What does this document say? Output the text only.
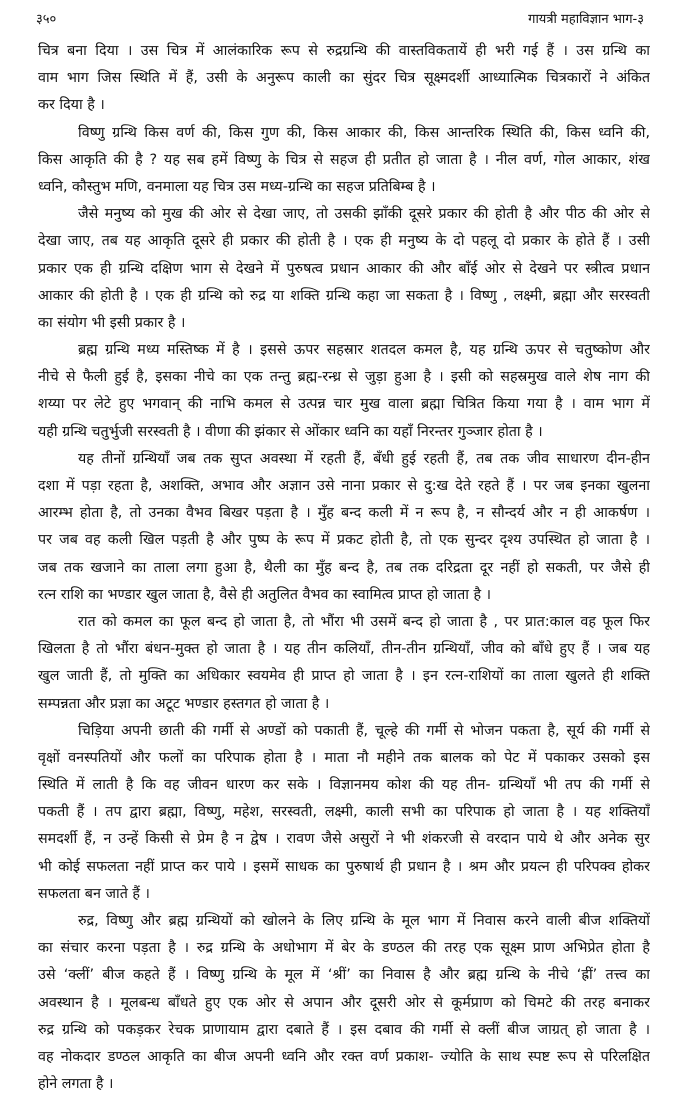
३५०	गायत्री महाविज्ञान भाग-३
चित्र बना दिया । उस चित्र में आलंकारिक रूप से रुद्रग्रन्थि की वास्तविकतायें ही भरी गई हैं । उस ग्रन्थि का
वाम भाग जिस स्थिति में हैं, उसी के अनुरूप काली का सुंदर चित्र सूक्ष्मदर्शी आध्यात्मिक चित्रकारों ने अंकित
कर दिया है ।
विष्णु ग्रन्थि किस वर्ण की, किस गुण की, किस आकार की, किस आन्तरिक स्थिति की, किस ध्वनि की,
किस आकृति की है ? यह सब हमें विष्णु के चित्र से सहज ही प्रतीत हो जाता है । नील वर्ण, गोल आकार, शंख
ध्वनि, कौस्तुभ मणि, वनमाला यह चित्र उस मध्य-ग्रन्थि का सहज प्रतिबिम्ब है ।
जैसे मनुष्य को मुख की ओर से देखा जाए, तो उसकी झाँकी दूसरे प्रकार की होती है और पीठ की ओर से
देखा जाए, तब यह आकृति दूसरे ही प्रकार की होती है । एक ही मनुष्य के दो पहलू दो प्रकार के होते हैं । उसी
प्रकार एक ही ग्रन्थि दक्षिण भाग से देखने में पुरुषत्व प्रधान आकार की और बाँई ओर से देखने पर स्त्रीत्व प्रधान
आकार की होती है । एक ही ग्रन्थि को रुद्र या शक्ति ग्रन्थि कहा जा सकता है । विष्णु , लक्ष्मी, ब्रह्मा और सरस्वती
का संयोग भी इसी प्रकार है ।
ब्रह्म ग्रन्थि मध्य मस्तिष्क में है । इससे ऊपर सहस्रार शतदल कमल है, यह ग्रन्थि ऊपर से चतुष्कोण और
नीचे से फैली हुई है, इसका नीचे का एक तन्तु ब्रह्म-रन्ध्र से जुड़ा हुआ है । इसी को सहस्रमुख वाले शेष नाग की
शय्या पर लेटे हुए भगवान् की नाभि कमल से उत्पन्न चार मुख वाला ब्रह्मा चित्रित किया गया है । वाम भाग में
यही ग्रन्थि चतुर्भुजी सरस्वती है । वीणा की झंकार से ओंकार ध्वनि का यहाँ निरन्तर गुञ्जार होता है ।
यह तीनों ग्रन्थियाँ जब तक सुप्त अवस्था में रहती हैं, बँधी हुई रहती हैं, तब तक जीव साधारण दीन-हीन
दशा में पड़ा रहता है, अशक्ति, अभाव और अज्ञान उसे नाना प्रकार से दु:ख देते रहते हैं । पर जब इनका खुलना
आरम्भ होता है, तो उनका वैभव बिखर पड़ता है । मुँह बन्द कली में न रूप है, न सौन्दर्य और न ही आकर्षण ।
पर जब वह कली खिल पड़ती है और पुष्प के रूप में प्रकट होती है, तो एक सुन्दर दृश्य उपस्थित हो जाता है ।
जब तक खजाने का ताला लगा हुआ है, थैली का मुँह बन्द है, तब तक दरिद्रता दूर नहीं हो सकती, पर जैसे ही
रत्न राशि का भण्डार खुल जाता है, वैसे ही अतुलित वैभव का स्वामित्व प्राप्त हो जाता है ।
रात को कमल का फूल बन्द हो जाता है, तो भौंरा भी उसमें बन्द हो जाता है , पर प्रात:काल वह फूल फिर
खिलता है तो भौंरा बंधन-मुक्त हो जाता है । यह तीन कलियाँ, तीन-तीन ग्रन्थियाँ, जीव को बाँधे हुए हैं । जब यह
खुल जाती हैं, तो मुक्ति का अधिकार स्वयमेव ही प्राप्त हो जाता है । इन रत्न-राशियों का ताला खुलते ही शक्ति
सम्पन्नता और प्रज्ञा का अटूट भण्डार हस्तगत हो जाता है ।
चिड़िया अपनी छाती की गर्मी से अण्डों को पकाती हैं, चूल्हे की गर्मी से भोजन पकता है, सूर्य की गर्मी से
वृक्षों वनस्पतियों और फलों का परिपाक होता है । माता नौ महीने तक बालक को पेट में पकाकर उसको इस
स्थिति में लाती है कि वह जीवन धारण कर सके । विज्ञानमय कोश की यह तीन- ग्रन्थियाँ भी तप की गर्मी से
पकती हैं । तप द्वारा ब्रह्मा, विष्णु, महेश, सरस्वती, लक्ष्मी, काली सभी का परिपाक हो जाता है । यह शक्तियाँ
समदर्शी हैं, न उन्हें किसी से प्रेम है न द्वेष । रावण जैसे असुरों ने भी शंकरजी से वरदान पाये थे और अनेक सुर
भी कोई सफलता नहीं प्राप्त कर पाये । इसमें साधक का पुरुषार्थ ही प्रधान है । श्रम और प्रयत्न ही परिपक्व होकर
सफलता बन जाते हैं ।
रुद्र, विष्णु और ब्रह्म ग्रन्थियों को खोलने के लिए ग्रन्थि के मूल भाग में निवास करने वाली बीज शक्तियों
का संचार करना पड़ता है । रुद्र ग्रन्थि के अधोभाग में बेर के डण्ठल की तरह एक सूक्ष्म प्राण अभिप्रेत होता है
उसे ‘क्लीं’ बीज कहते हैं । विष्णु ग्रन्थि के मूल में ‘श्रीं’ का निवास है और ब्रह्म ग्रन्थि के नीचे ‘ह्रीं’ तत्त्व का
अवस्थान है । मूलबन्ध बाँधते हुए एक ओर से अपान और दूसरी ओर से कूर्मप्राण को चिमटे की तरह बनाकर
रुद्र ग्रन्थि को पकड़कर रेचक प्राणायाम द्वारा दबाते हैं । इस दबाव की गर्मी से क्लीं बीज जाग्रत् हो जाता है ।
वह नोकदार डण्ठल आकृति का बीज अपनी ध्वनि और रक्त वर्ण प्रकाश- ज्योति के साथ स्पष्ट रूप से परिलक्षित
होने लगता है ।
